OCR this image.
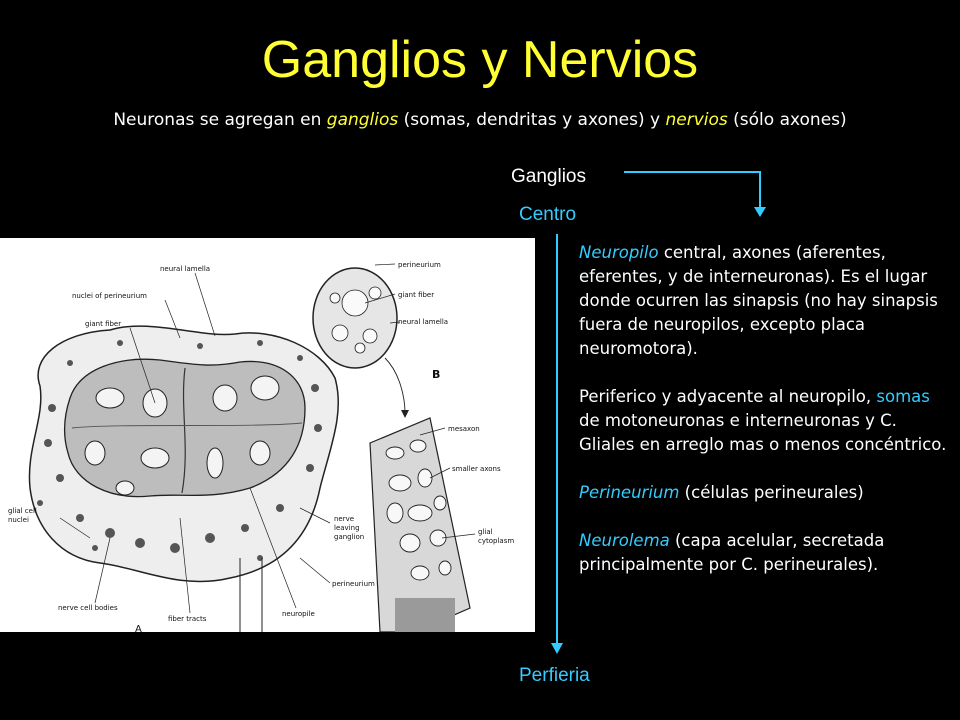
Ganglios y Nervios
Neuronas se agregan en ganglios (somas, dendritas y axones) y nervios (sólo axones)
Ganglios
Centro
Perfieria
neural lamella
nuclei of perineurium
giant fiber
glial cell
nuclei
nerve cell bodies
fiber tracts
neuropile
perineurium
nerve
leaving
ganglion
A
perineurium
giant fiber
neural lamella
B
mesaxon
smaller axons
glial
cytoplasm

Neuropilo central, axones (aferentes, eferentes, y de interneuronas). Es el lugar donde ocurren las sinapsis (no hay sinapsis fuera de neuropilos, excepto placa neuromotora).

Periferico y adyacente al neuropilo, somas de motoneuronas e interneuronas y C. Gliales en arreglo mas o menos concéntrico.

Perineurium (células perineurales)

Neurolema (capa acelular, secretada principalmente por C. perineurales).
